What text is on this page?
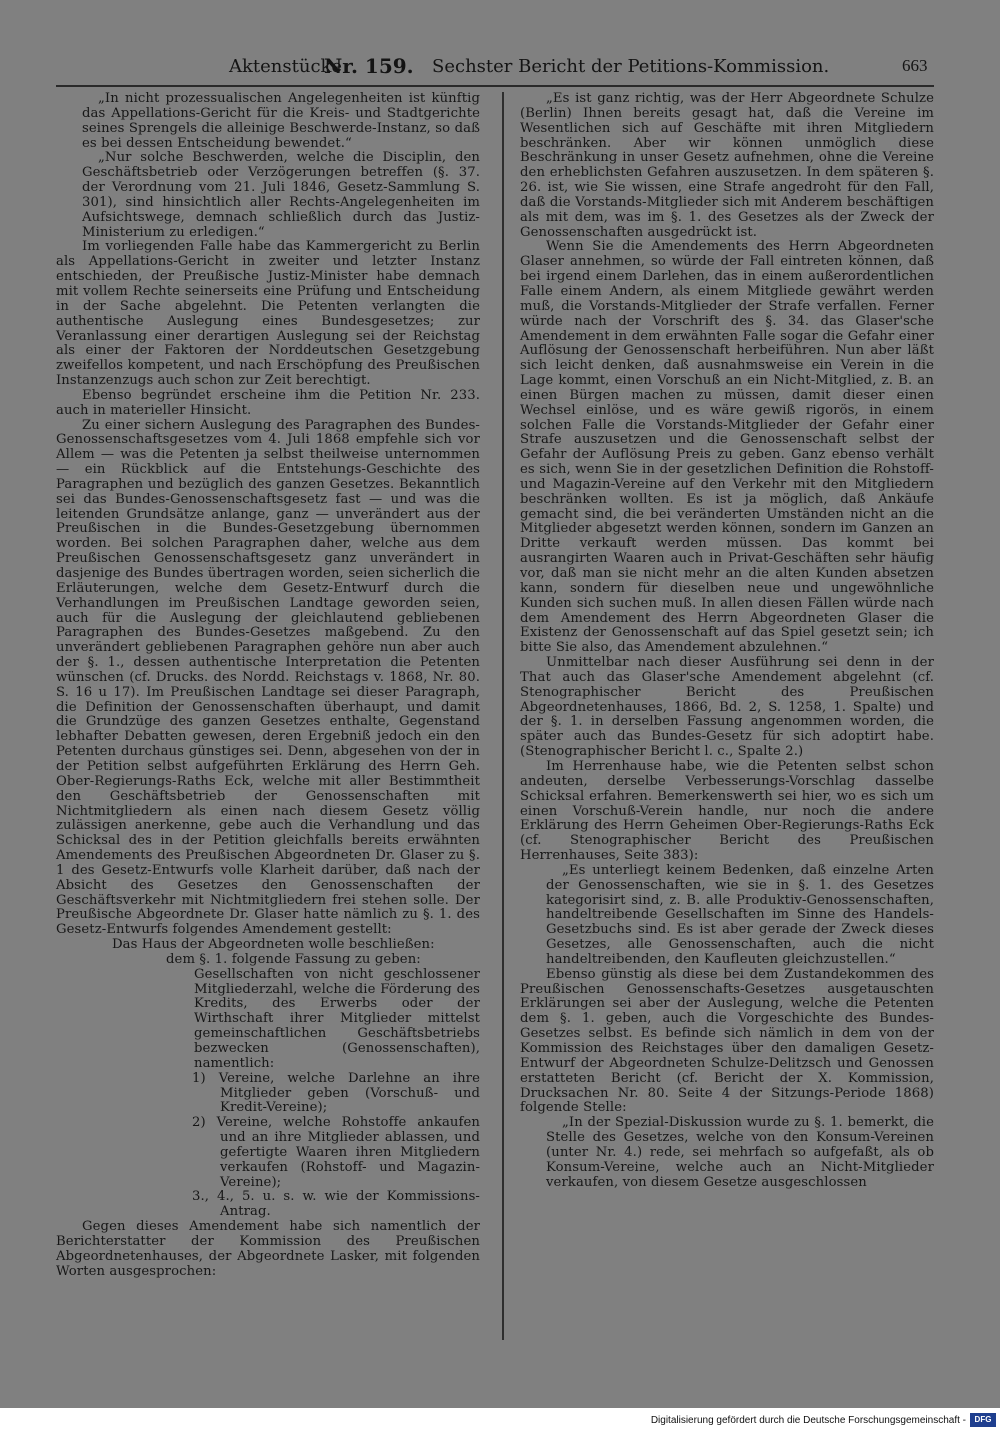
Aktenstücke
Nr. 159. Sechster Bericht der Petitions-Kommission.	663

„In nicht prozessualischen Angelegenheiten ist künftig das Appellations-Gericht für die Kreis- und Stadtgerichte seines Sprengels die alleinige Beschwerde-Instanz, so daß es bei dessen Entscheidung bewendet.“

„Nur solche Beschwerden, welche die Disciplin, den Geschäftsbetrieb oder Verzögerungen betreffen (§. 37. der Verordnung vom 21. Juli 1846, Gesetz-Sammlung S. 301), sind hinsichtlich aller Rechts-Angelegenheiten im Aufsichtswege, demnach schließlich durch das Justiz-Ministerium zu erledigen.“

Im vorliegenden Falle habe das Kammergericht zu Berlin als Appellations-Gericht in zweiter und letzter Instanz entschieden, der Preußische Justiz-Minister habe demnach mit vollem Rechte seinerseits eine Prüfung und Entscheidung in der Sache abgelehnt. Die Petenten verlangten die authentische Auslegung eines Bundesgesetzes; zur Veranlassung einer derartigen Auslegung sei der Reichstag als einer der Faktoren der Norddeutschen Gesetzgebung zweifellos kompetent, und nach Erschöpfung des Preußischen Instanzenzugs auch schon zur Zeit berechtigt.

Ebenso begründet erscheine ihm die Petition Nr. 233. auch in materieller Hinsicht.

Zu einer sichern Auslegung des Paragraphen des Bundes-Genossenschaftsgesetzes vom 4. Juli 1868 empfehle sich vor Allem — was die Petenten ja selbst theilweise unternommen — ein Rückblick auf die Entstehungs-Geschichte des Paragraphen und bezüglich des ganzen Gesetzes. Bekanntlich sei das Bundes-Genossenschaftsgesetz fast — und was die leitenden Grundsätze anlange, ganz — unverändert aus der Preußischen in die Bundes-Gesetzgebung übernommen worden. Bei solchen Paragraphen daher, welche aus dem Preußischen Genossenschaftsgesetz ganz unverändert in dasjenige des Bundes übertragen worden, seien sicherlich die Erläuterungen, welche dem Gesetz-Entwurf durch die Verhandlungen im Preußischen Landtage geworden seien, auch für die Auslegung der gleichlautend gebliebenen Paragraphen des Bundes-Gesetzes maßgebend. Zu den unverändert gebliebenen Paragraphen gehöre nun aber auch der §. 1., dessen authentische Interpretation die Petenten wünschen (cf. Drucks. des Nordd. Reichstags v. 1868, Nr. 80. S. 16 u 17). Im Preußischen Landtage sei dieser Paragraph, die Definition der Genossenschaften überhaupt, und damit die Grundzüge des ganzen Gesetzes enthalte, Gegenstand lebhafter Debatten gewesen, deren Ergebniß jedoch ein den Petenten durchaus günstiges sei. Denn, abgesehen von der in der Petition selbst aufgeführten Erklärung des Herrn Geh. Ober-Regierungs-Raths Eck, welche mit aller Bestimmtheit den Geschäftsbetrieb der Genossenschaften mit Nichtmitgliedern als einen nach diesem Gesetz völlig zulässigen anerkenne, gebe auch die Verhandlung und das Schicksal des in der Petition gleichfalls bereits erwähnten Amendements des Preußischen Abgeordneten Dr. Glaser zu §. 1 des Gesetz-Entwurfs volle Klarheit darüber, daß nach der Absicht des Gesetzes den Genossenschaften der Geschäftsverkehr mit Nichtmitgliedern frei stehen solle. Der Preußische Abgeordnete Dr. Glaser hatte nämlich zu §. 1. des Gesetz-Entwurfs folgendes Amendement gestellt:

Das Haus der Abgeordneten wolle beschließen:

dem §. 1. folgende Fassung zu geben:

Gesellschaften von nicht geschlossener Mitgliederzahl, welche die Förderung des Kredits, des Erwerbs oder der Wirthschaft ihrer Mitglieder mittelst gemeinschaftlichen Geschäftsbetriebs bezwecken (Genossenschaften), namentlich:

1) Vereine, welche Darlehne an ihre Mitglieder geben (Vorschuß- und Kredit-Vereine);

2) Vereine, welche Rohstoffe ankaufen und an ihre Mitglieder ablassen, und gefertigte Waaren ihren Mitgliedern verkaufen (Rohstoff- und Magazin-Vereine);

3., 4., 5. u. s. w. wie der Kommissions-Antrag.

Gegen dieses Amendement habe sich namentlich der Berichterstatter der Kommission des Preußischen Abgeordnetenhauses, der Abgeordnete Lasker, mit folgenden Worten ausgesprochen:

„Es ist ganz richtig, was der Herr Abgeordnete Schulze (Berlin) Ihnen bereits gesagt hat, daß die Vereine im Wesentlichen sich auf Geschäfte mit ihren Mitgliedern beschränken. Aber wir können unmöglich diese Beschränkung in unser Gesetz aufnehmen, ohne die Vereine den erheblichsten Gefahren auszusetzen. In dem späteren §. 26. ist, wie Sie wissen, eine Strafe angedroht für den Fall, daß die Vorstands-Mitglieder sich mit Anderem beschäftigen als mit dem, was im §. 1. des Gesetzes als der Zweck der Genossenschaften ausgedrückt ist.

Wenn Sie die Amendements des Herrn Abgeordneten Glaser annehmen, so würde der Fall eintreten können, daß bei irgend einem Darlehen, das in einem außerordentlichen Falle einem Andern, als einem Mitgliede gewährt werden muß, die Vorstands-Mitglieder der Strafe verfallen. Ferner würde nach der Vorschrift des §. 34. das Glaser'sche Amendement in dem erwähnten Falle sogar die Gefahr einer Auflösung der Genossenschaft herbeiführen. Nun aber läßt sich leicht denken, daß ausnahmsweise ein Verein in die Lage kommt, einen Vorschuß an ein Nicht-Mitglied, z. B. an einen Bürgen machen zu müssen, damit dieser einen Wechsel einlöse, und es wäre gewiß rigorös, in einem solchen Falle die Vorstands-Mitglieder der Gefahr einer Strafe auszusetzen und die Genossenschaft selbst der Gefahr der Auflösung Preis zu geben. Ganz ebenso verhält es sich, wenn Sie in der gesetzlichen Definition die Rohstoff- und Magazin-Vereine auf den Verkehr mit den Mitgliedern beschränken wollten. Es ist ja möglich, daß Ankäufe gemacht sind, die bei veränderten Umständen nicht an die Mitglieder abgesetzt werden können, sondern im Ganzen an Dritte verkauft werden müssen. Das kommt bei ausrangirten Waaren auch in Privat-Geschäften sehr häufig vor, daß man sie nicht mehr an die alten Kunden absetzen kann, sondern für dieselben neue und ungewöhnliche Kunden sich suchen muß. In allen diesen Fällen würde nach dem Amendement des Herrn Abgeordneten Glaser die Existenz der Genossenschaft auf das Spiel gesetzt sein; ich bitte Sie also, das Amendement abzulehnen.“

Unmittelbar nach dieser Ausführung sei denn in der That auch das Glaser'sche Amendement abgelehnt (cf. Stenographischer Bericht des Preußischen Abgeordnetenhauses, 1866, Bd. 2, S. 1258, 1. Spalte) und der §. 1. in derselben Fassung angenommen worden, die später auch das Bundes-Gesetz für sich adoptirt habe. (Stenographischer Bericht l. c., Spalte 2.)

Im Herrenhause habe, wie die Petenten selbst schon andeuten, derselbe Verbesserungs-Vorschlag dasselbe Schicksal erfahren. Bemerkenswerth sei hier, wo es sich um einen Vorschuß-Verein handle, nur noch die andere Erklärung des Herrn Geheimen Ober-Regierungs-Raths Eck (cf. Stenographischer Bericht des Preußischen Herrenhauses, Seite 383):

„Es unterliegt keinem Bedenken, daß einzelne Arten der Genossenschaften, wie sie in §. 1. des Gesetzes kategorisirt sind, z. B. alle Produktiv-Genossenschaften, handeltreibende Gesellschaften im Sinne des Handels-Gesetzbuchs sind. Es ist aber gerade der Zweck dieses Gesetzes, alle Genossenschaften, auch die nicht handeltreibenden, den Kaufleuten gleichzustellen.“

Ebenso günstig als diese bei dem Zustandekommen des Preußischen Genossenschafts-Gesetzes ausgetauschten Erklärungen sei aber der Auslegung, welche die Petenten dem §. 1. geben, auch die Vorgeschichte des Bundes-Gesetzes selbst. Es befinde sich nämlich in dem von der Kommission des Reichstages über den damaligen Gesetz-Entwurf der Abgeordneten Schulze-Delitzsch und Genossen erstatteten Bericht (cf. Bericht der X. Kommission, Drucksachen Nr. 80. Seite 4 der Sitzungs-Periode 1868) folgende Stelle:

„In der Spezial-Diskussion wurde zu §. 1. bemerkt, die Stelle des Gesetzes, welche von den Konsum-Vereinen (unter Nr. 4.) rede, sei mehrfach so aufgefaßt, als ob Konsum-Vereine, welche auch an Nicht-Mitglieder verkaufen, von diesem Gesetze ausgeschlossen

Digitalisierung gefördert durch die Deutsche Forschungsgemeinschaft -	DFG
